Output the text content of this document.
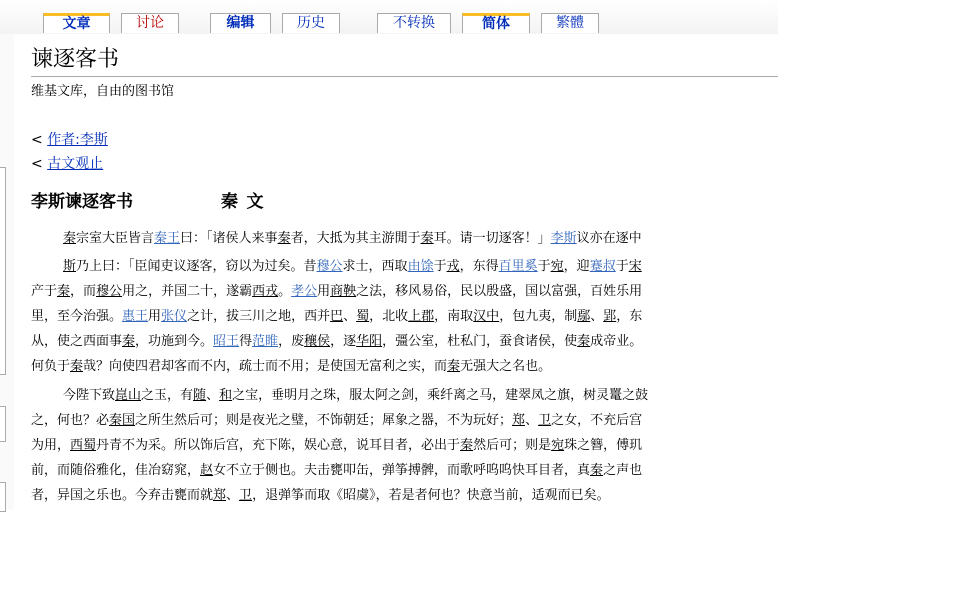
文章	讨论	编辑	历史	不转换	简体	繁體
谏逐客书
维基文库，自由的图书馆
< 作者:李斯
< 古文观止
李斯谏逐客书	秦文
秦宗室大臣皆言秦王曰：「诸侯人来事秦者，大抵为其主游閒于秦耳。请一切逐客！」李斯议亦在逐中
斯乃上曰：「臣闻吏议逐客，窃以为过矣。昔穆公求士，西取由馀于戎，东得百里奚于宛，迎蹇叔于宋
产于秦，而穆公用之，并国二十，遂霸西戎。孝公用商鞅之法，移风易俗，民以殷盛，国以富强，百姓乐用
里，至今治强。惠王用张仪之计，拔三川之地，西并巴、蜀，北收上郡，南取汉中，包九夷，制鄢、郢，东
从，使之西面事秦，功施到今。昭王得范睢，废穰侯，逐华阳，彊公室，杜私门，蚕食诸侯，使秦成帝业。
何负于秦哉？向使四君却客而不内，疏士而不用；是使国无富利之实，而秦无强大之名也。
今陛下致崑山之玉，有随、和之宝，垂明月之珠，服太阿之剑，乘纤离之马，建翠凤之旗，树灵鼍之鼓
之，何也？必秦国之所生然后可；则是夜光之璧，不饰朝廷；犀象之器，不为玩好；郑、卫之女，不充后宫
为用，西蜀丹青不为采。所以饰后宫，充下陈，娱心意，说耳目者，必出于秦然后可；则是宛珠之簪，傅玑
前，而随俗雅化，佳冶窈窕，赵女不立于侧也。夫击甕叩缶，弹筝搏髀，而歌呼呜呜快耳目者，真秦之声也
者，异国之乐也。今弃击甕而就郑、卫，退弹筝而取《昭虞》，若是者何也？快意当前，适观而已矣。
